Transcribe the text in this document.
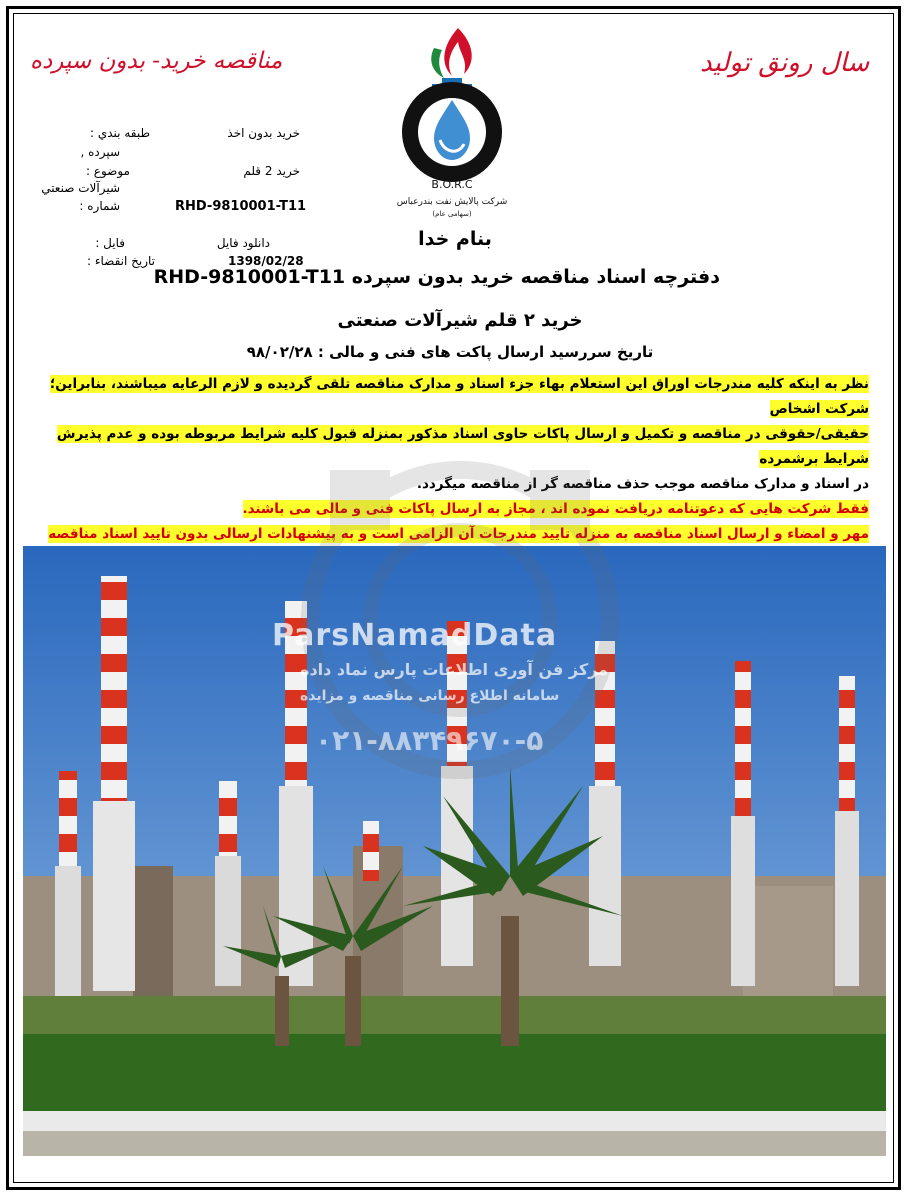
مناقصه خرید- بدون سپرده	سال رونق تولید
B.O.R.C
شرکت پالایش نفت بندرعباس
(سهامی عام)
طبقه بندي :	خريد بدون اخذ
سپرده ,
موضوع :	خريد 2 قلم
شيرآلات صنعتي
شماره :	RHD-9810001-T11
فايل :	دانلود فايل
تاريخ انقضاء :	1398/02/28
بنام خدا
دفترچه اسناد مناقصه خرید بدون سپرده RHD-9810001-T11
خرید ۲ قلم شیرآلات صنعتی
تاریخ سررسید ارسال پاکت های فنی و مالی : ۹۸/۰۲/۲۸
نظر به اینکه کلیه مندرجات اوراق این استعلام بهاء جزء اسناد و مدارک مناقصه تلقی گردیده و لازم الرعایه میباشند، بنابراین؛ شرکت اشخاص
حقیقی/حقوقی در مناقصه و تکمیل و ارسال پاکات حاوی اسناد مذکور بمنزله قبول کلیه شرایط مربوطه بوده و عدم پذیرش شرایط برشمرده
در اسناد و مدارک مناقصه موجب حذف مناقصه گر از مناقصه میگردد.
فقط شرکت هایی که دعوتنامه دریافت نموده اند ، مجاز به ارسال پاکات فنی و مالی می باشند.
مهر و امضاء و ارسال اسناد مناقصه به منزله تایید مندرجات آن الزامی است و به پیشنهادات ارسالی بدون تایید اسناد مناقصه
ParsNamadData
مرکز فن آوری اطلاعات پارس نماد داده
سامانه اطلاع رسانی مناقصه و مزایده
۰۲۱-۸۸۳۴۹۶۷۰-۵
